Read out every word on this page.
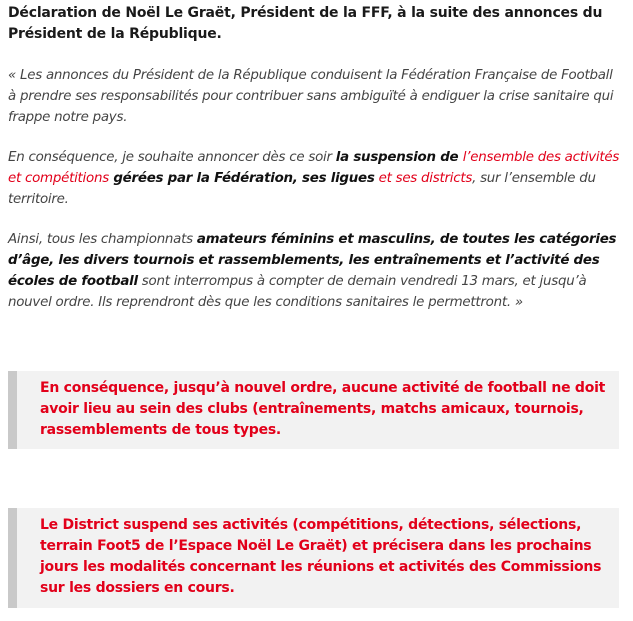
Déclaration de Noël Le Graët, Président de la FFF, à la suite des annonces du Président de la République.

« Les annonces du Président de la République conduisent la Fédération Française de Football à prendre ses responsabilités pour contribuer sans ambiguïté à endiguer la crise sanitaire qui frappe notre pays.

En conséquence, je souhaite annoncer dès ce soir la suspension de l’ensemble des activités et compétitions gérées par la Fédération, ses ligues et ses districts, sur l’ensemble du territoire.

Ainsi, tous les championnats amateurs féminins et masculins, de toutes les catégories d’âge, les divers tournois et rassemblements, les entraînements et l’activité des écoles de football sont interrompus à compter de demain vendredi 13 mars, et jusqu’à nouvel ordre. Ils reprendront dès que les conditions sanitaires le permettront. »

En conséquence, jusqu’à nouvel ordre, aucune activité de football ne doit avoir lieu au sein des clubs (entraînements, matchs amicaux, tournois, rassemblements de tous types.
Le District suspend ses activités (compétitions, détections, sélections, terrain Foot5 de l’Espace Noël Le Graët) et précisera dans les prochains jours les modalités concernant les réunions et activités des Commissions sur les dossiers en cours.
